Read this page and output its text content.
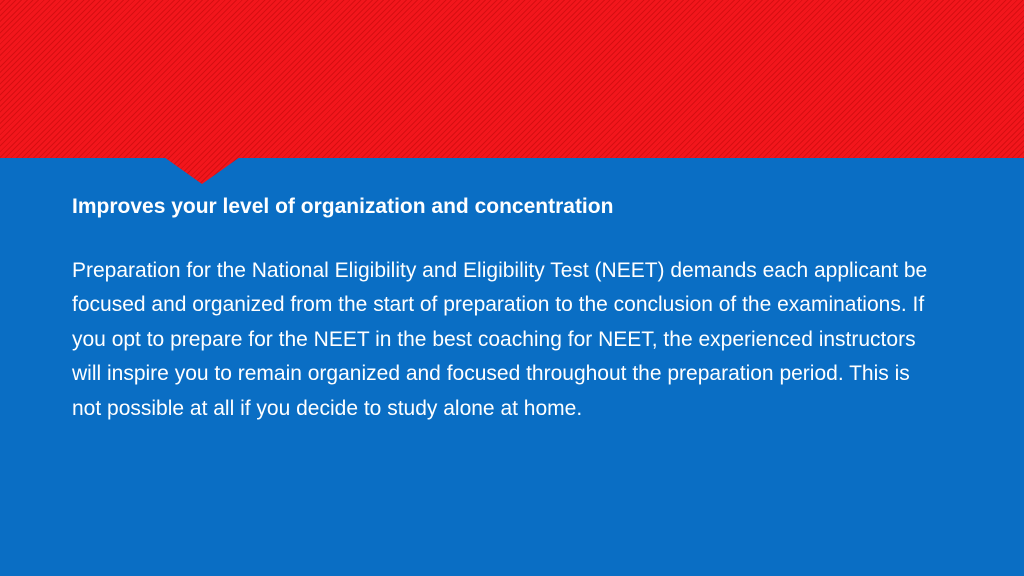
Improves your level of organization and concentration

Preparation for the National Eligibility and Eligibility Test (NEET) demands each applicant be focused and organized from the start of preparation to the conclusion of the examinations. If you opt to prepare for the NEET in the best coaching for NEET, the experienced instructors will inspire you to remain organized and focused throughout the preparation period. This is not possible at all if you decide to study alone at home.
